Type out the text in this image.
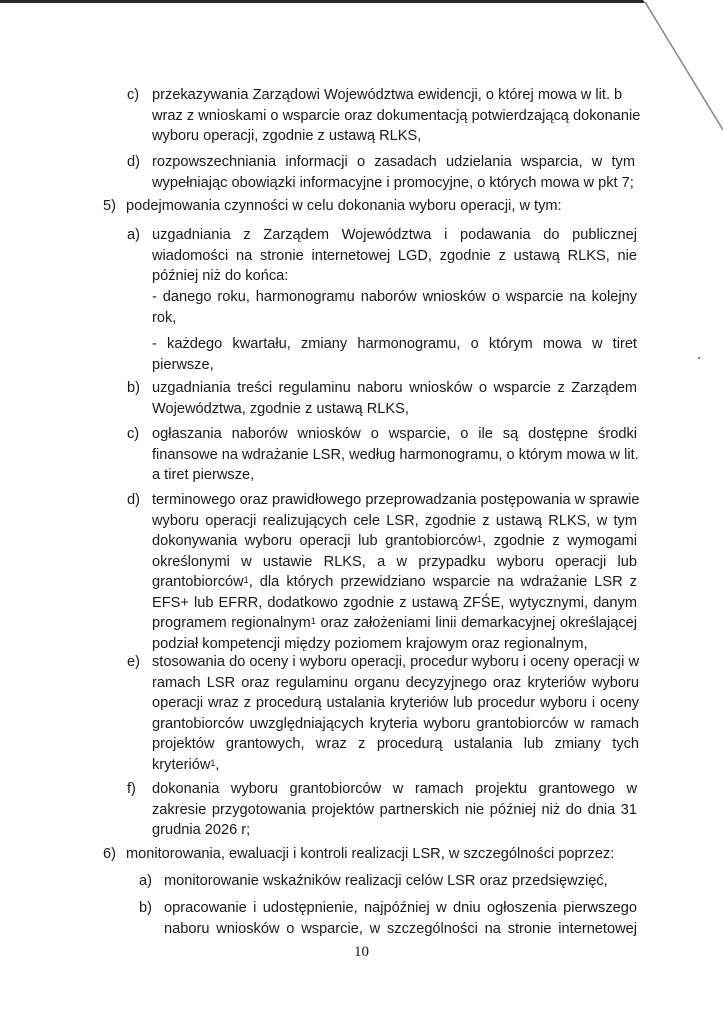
c) przekazywania Zarządowi Województwa ewidencji, o której mowa w lit. b
wraz z wnioskami o wsparcie oraz dokumentacją potwierdzającą dokonanie
wyboru operacji, zgodnie z ustawą RLKS,
d) rozpowszechniania informacji o zasadach udzielania wsparcia, w tym
wypełniając obowiązki informacyjne i promocyjne, o których mowa w pkt 7;
5) podejmowania czynności w celu dokonania wyboru operacji, w tym:
a) uzgadniania z Zarządem Województwa i podawania do publicznej
wiadomości na stronie internetowej LGD, zgodnie z ustawą RLKS, nie
później niż do końca:
- danego roku, harmonogramu naborów wniosków o wsparcie na kolejny
rok,
- każdego kwartału, zmiany harmonogramu, o którym mowa w tiret
pierwsze,
b) uzgadniania treści regulaminu naboru wniosków o wsparcie z Zarządem
Województwa, zgodnie z ustawą RLKS,
c) ogłaszania naborów wniosków o wsparcie, o ile są dostępne środki
finansowe na wdrażanie LSR, według harmonogramu, o którym mowa w lit.
a tiret pierwsze,
d) terminowego oraz prawidłowego przeprowadzania postępowania w sprawie
wyboru operacji realizujących cele LSR, zgodnie z ustawą RLKS, w tym
dokonywania wyboru operacji lub grantobiorców$^1$, zgodnie z wymogami
określonymi w ustawie RLKS, a w przypadku wyboru operacji lub
grantobiorców$^1$, dla których przewidziano wsparcie na wdrażanie LSR z
EFS+ lub EFRR, dodatkowo zgodnie z ustawą ZFŚE, wytycznymi, danym
programem regionalnym$^1$ oraz założeniami linii demarkacyjnej określającej
podział kompetencji między poziomem krajowym oraz regionalnym,
e) stosowania do oceny i wyboru operacji, procedur wyboru i oceny operacji w
ramach LSR oraz regulaminu organu decyzyjnego oraz kryteriów wyboru
operacji wraz z procedurą ustalania kryteriów lub procedur wyboru i oceny
grantobiorców uwzględniających kryteria wyboru grantobiorców w ramach
projektów grantowych, wraz z procedurą ustalania lub zmiany tych
kryteriów$^1$,
f) dokonania wyboru grantobiorców w ramach projektu grantowego w
zakresie przygotowania projektów partnerskich nie później niż do dnia 31
grudnia 2026 r;
6) monitorowania, ewaluacji i kontroli realizacji LSR, w szczególności poprzez:
a) monitorowanie wskaźników realizacji celów LSR oraz przedsięwzięć,
b) opracowanie i udostępnienie, najpóźniej w dniu ogłoszenia pierwszego
naboru wniosków o wsparcie, w szczególności na stronie internetowej
10
